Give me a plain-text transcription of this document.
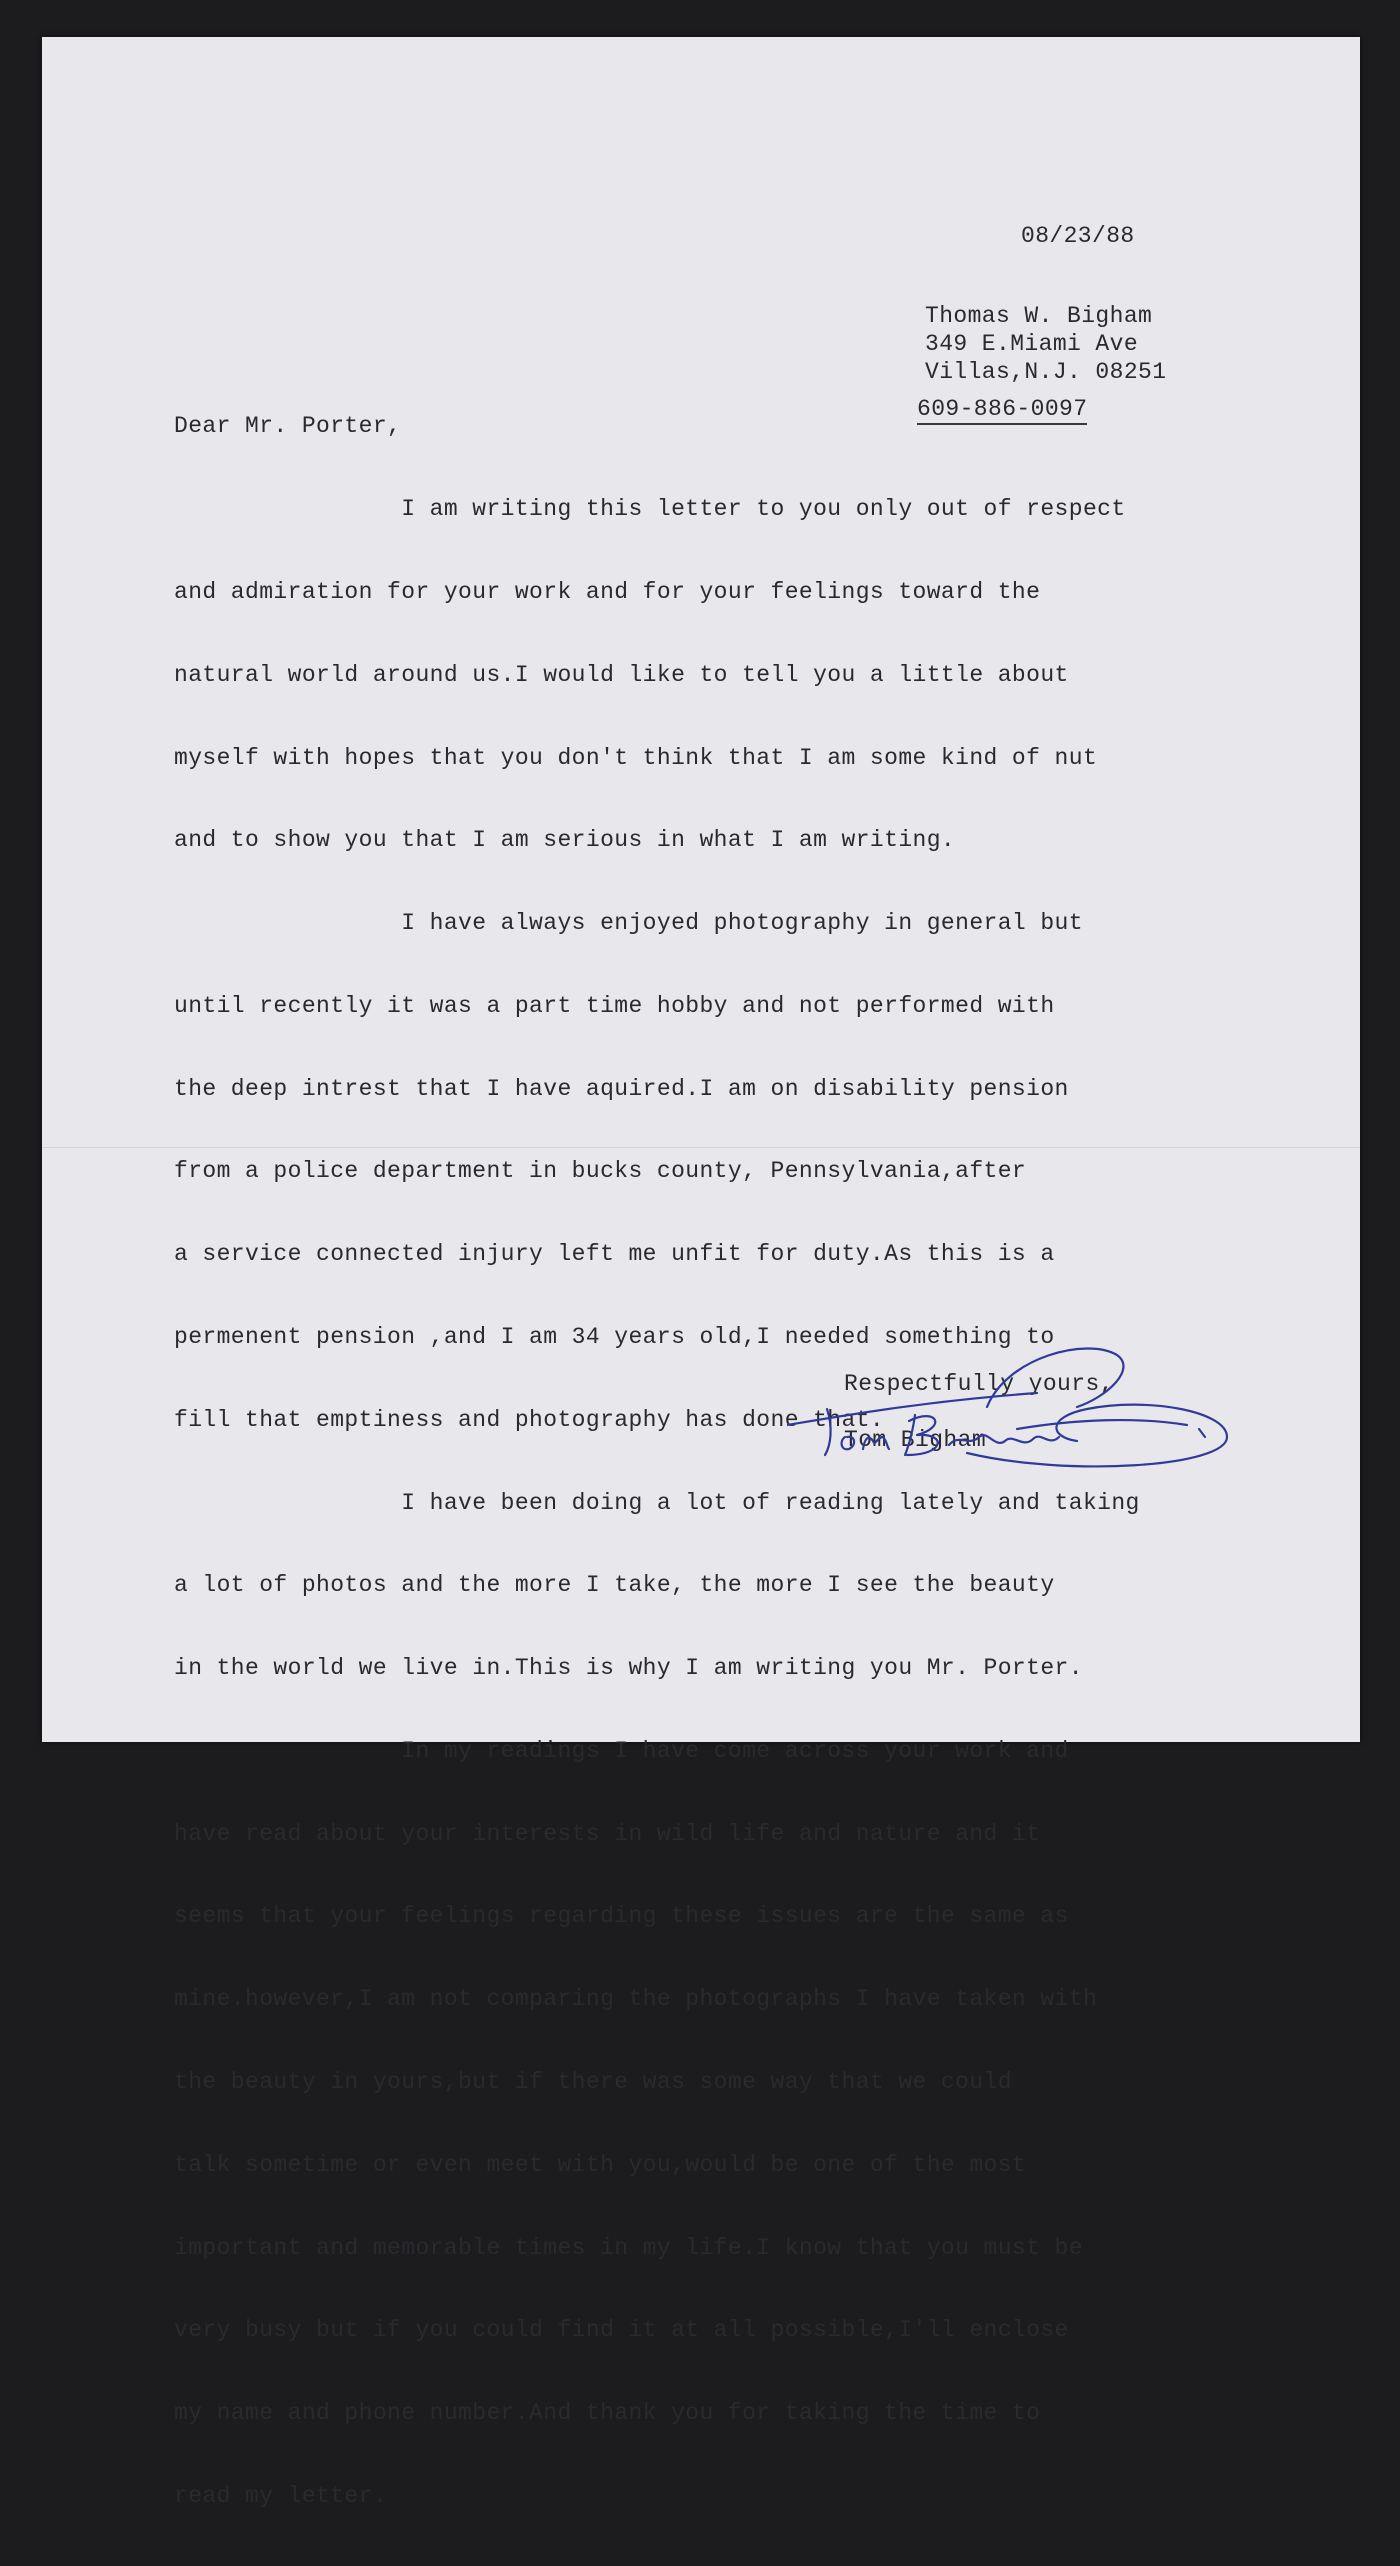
08/23/88
Thomas W. Bigham
349 E.Miami Ave
Villas,N.J. 08251
609-886-0097
Dear Mr. Porter,

I am writing this letter to you only out of respect

and admiration for your work and for your feelings toward the

natural world around us.I would like to tell you a little about

myself with hopes that you don't think that I am some kind of nut

and to show you that I am serious in what I am writing.

I have always enjoyed photography in general but

until recently it was a part time hobby and not performed with

the deep intrest that I have aquired.I am on disability pension

from a police department in bucks county, Pennsylvania,after

a service connected injury left me unfit for duty.As this is a

permenent pension ,and I am 34 years old,I needed something to

fill that emptiness and photography has done that.

I have been doing a lot of reading lately and taking

a lot of photos and the more I take, the more I see the beauty

in the world we live in.This is why I am writing you Mr. Porter.

In my readings I have come across your work and

have read about your interests in wild life and nature and it

seems that your feelings regarding these issues are the same as

mine.however,I am not comparing the photographs I have taken with

the beauty in yours,but if there was some way that we could

talk sometime or even meet with you,would be one of the most

important and memorable times in my life.I know that you must be

very busy but if you could find it at all possible,I'll enclose

my name and phone number.And thank you for taking the time to

read my letter.

Respectfully yours,
Tom Bigham
